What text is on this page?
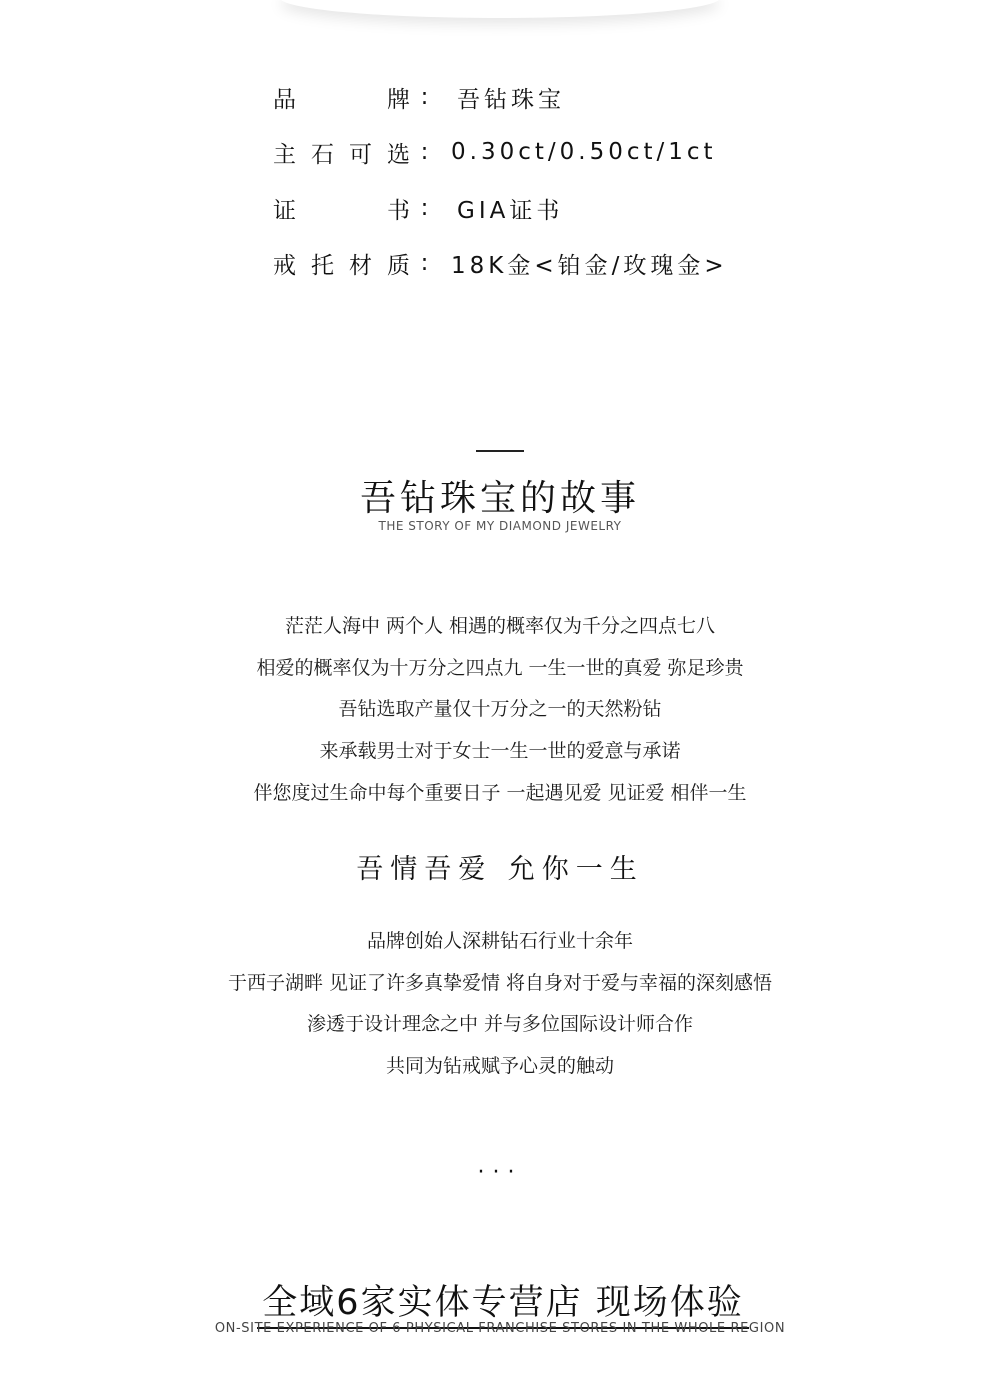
品	牌 :	吾钻珠宝
主 石 可 选 : 0.30ct/0.50ct/1ct
证	书 :	GIA证书
戒 托 材 质 : 18K金<铂金/玫瑰金>
吾钻珠宝的故事
THE STORY OF MY DIAMOND JEWELRY
茫茫人海中 两个人 相遇的概率仅为千分之四点七八
相爱的概率仅为十万分之四点九 一生一世的真爱 弥足珍贵
吾钻选取产量仅十万分之一的天然粉钻
来承载男士对于女士一生一世的爱意与承诺
伴您度过生命中每个重要日子 一起遇见爱 见证爱 相伴一生
吾情吾爱 允你一生
品牌创始人深耕钻石行业十余年
于西子湖畔 见证了许多真挚爱情 将自身对于爱与幸福的深刻感悟
渗透于设计理念之中 并与多位国际设计师合作
共同为钻戒赋予心灵的触动
···
全域6家实体专营店 现场体验
ON-SITE EXPERIENCE OF 6 PHYSICAL FRANCHISE STORES IN THE WHOLE REGION
